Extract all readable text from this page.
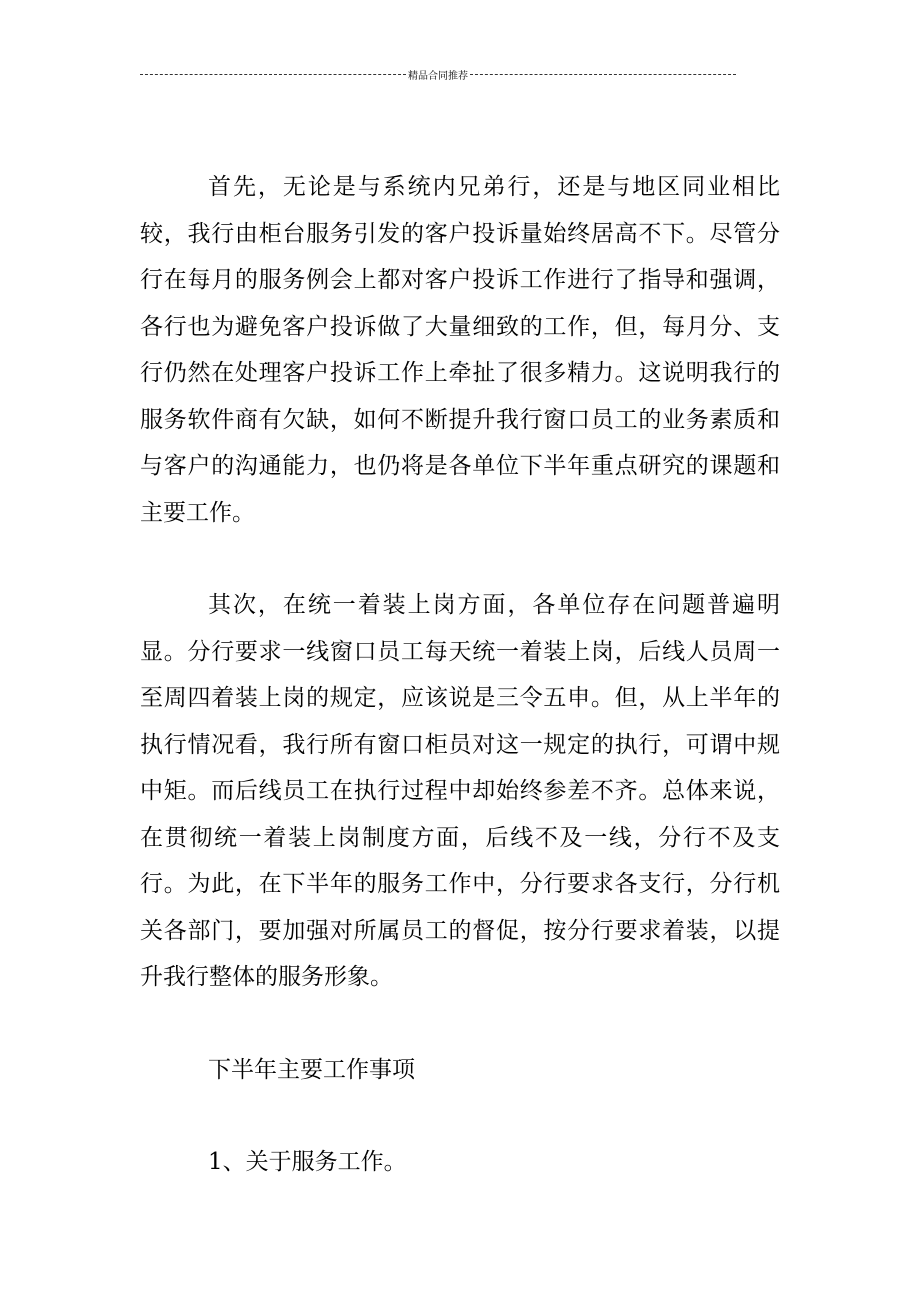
精品合同推荐

首先，无论是与系统内兄弟行，还是与地区同业相比较，我行由柜台服务引发的客户投诉量始终居高不下。尽管分行在每月的服务例会上都对客户投诉工作进行了指导和强调，各行也为避免客户投诉做了大量细致的工作，但，每月分、支行仍然在处理客户投诉工作上牵扯了很多精力。这说明我行的服务软件商有欠缺，如何不断提升我行窗口员工的业务素质和与客户的沟通能力，也仍将是各单位下半年重点研究的课题和主要工作。

其次，在统一着装上岗方面，各单位存在问题普遍明显。分行要求一线窗口员工每天统一着装上岗，后线人员周一至周四着装上岗的规定，应该说是三令五申。但，从上半年的执行情况看，我行所有窗口柜员对这一规定的执行，可谓中规中矩。而后线员工在执行过程中却始终参差不齐。总体来说，在贯彻统一着装上岗制度方面，后线不及一线，分行不及支行。为此，在下半年的服务工作中，分行要求各支行，分行机关各部门，要加强对所属员工的督促，按分行要求着装，以提升我行整体的服务形象。

下半年主要工作事项

1、关于服务工作。
